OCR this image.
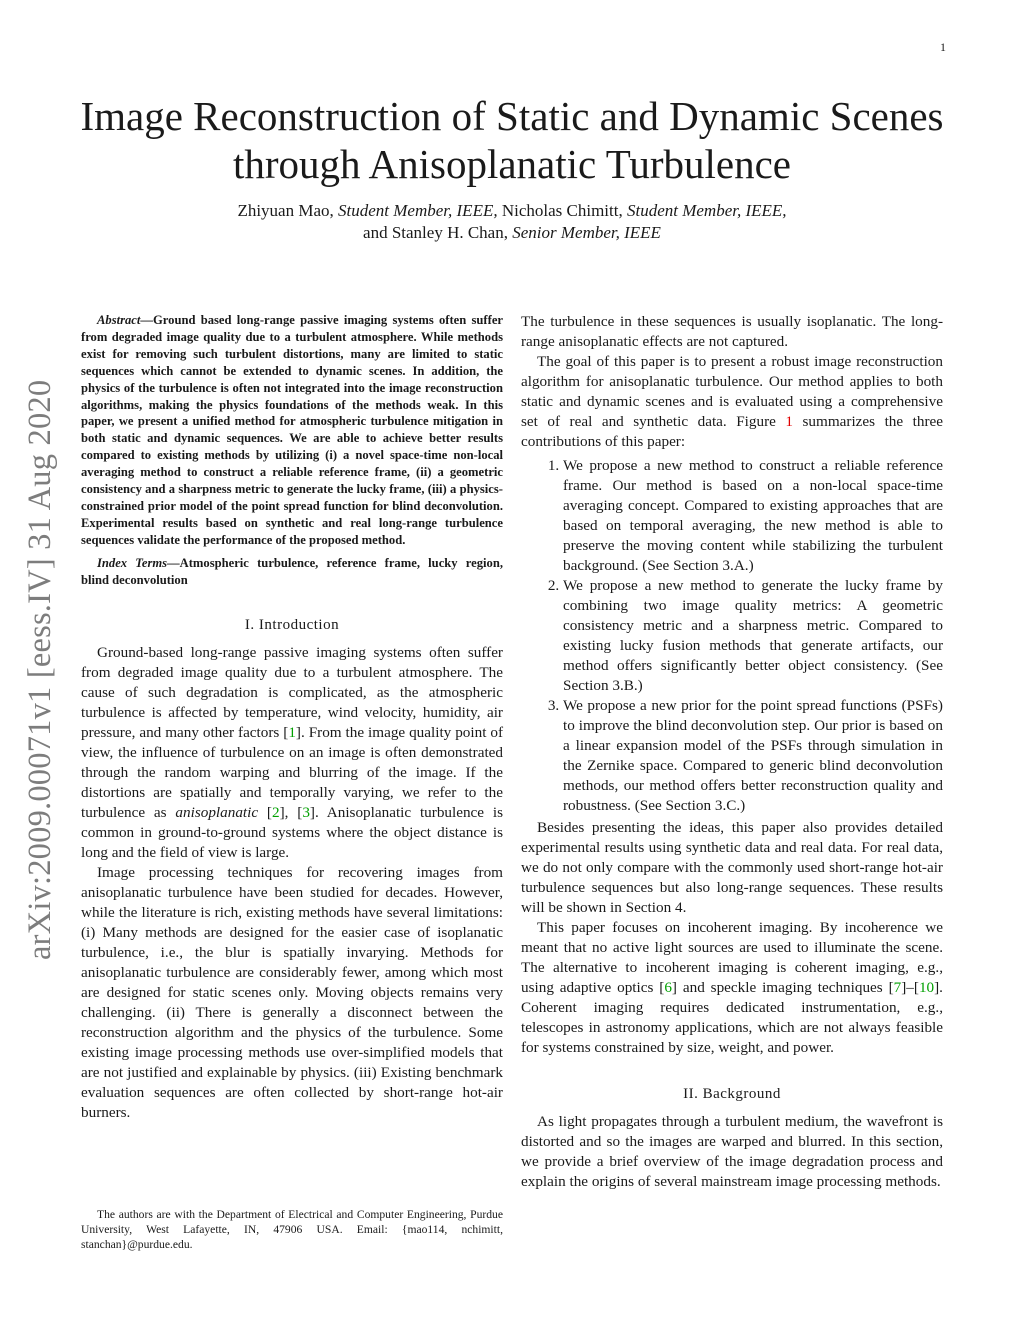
1
arXiv:2009.00071v1 [eess.IV] 31 Aug 2020
Image Reconstruction of Static and Dynamic Scenes through Anisoplanatic Turbulence
Zhiyuan Mao, Student Member, IEEE, Nicholas Chimitt, Student Member, IEEE,
and Stanley H. Chan, Senior Member, IEEE

Abstract—Ground based long-range passive imaging systems often suffer from degraded image quality due to a turbulent atmosphere. While methods exist for removing such turbulent distortions, many are limited to static sequences which cannot be extended to dynamic scenes. In addition, the physics of the turbulence is often not integrated into the image reconstruction algorithms, making the physics foundations of the methods weak. In this paper, we present a unified method for atmospheric turbulence mitigation in both static and dynamic sequences. We are able to achieve better results compared to existing methods by utilizing (i) a novel space-time non-local averaging method to construct a reliable reference frame, (ii) a geometric consistency and a sharpness metric to generate the lucky frame, (iii) a physics-constrained prior model of the point spread function for blind deconvolution. Experimental results based on synthetic and real long-range turbulence sequences validate the performance of the proposed method.

Index Terms—Atmospheric turbulence, reference frame, lucky region, blind deconvolution

I. Introduction

Ground-based long-range passive imaging systems often suffer from degraded image quality due to a turbulent atmosphere. The cause of such degradation is complicated, as the atmospheric turbulence is affected by temperature, wind velocity, humidity, air pressure, and many other factors [1]. From the image quality point of view, the influence of turbulence on an image is often demonstrated through the random warping and blurring of the image. If the distortions are spatially and temporally varying, we refer to the turbulence as anisoplanatic [2], [3]. Anisoplanatic turbulence is common in ground-to-ground systems where the object distance is long and the field of view is large.

Image processing techniques for recovering images from anisoplanatic turbulence have been studied for decades. However, while the literature is rich, existing methods have several limitations: (i) Many methods are designed for the easier case of isoplanatic turbulence, i.e., the blur is spatially invarying. Methods for anisoplanatic turbulence are considerably fewer, among which most are designed for static scenes only. Moving objects remains very challenging. (ii) There is generally a disconnect between the reconstruction algorithm and the physics of the turbulence. Some existing image processing methods use over-simplified models that are not justified and explainable by physics. (iii) Existing benchmark evaluation sequences are often collected by short-range hot-air burners.

The authors are with the Department of Electrical and Computer Engineering, Purdue University, West Lafayette, IN, 47906 USA. Email: {mao114, nchimitt, stanchan}@purdue.edu.

The turbulence in these sequences is usually isoplanatic. The long-range anisoplanatic effects are not captured.

The goal of this paper is to present a robust image reconstruction algorithm for anisoplanatic turbulence. Our method applies to both static and dynamic scenes and is evaluated using a comprehensive set of real and synthetic data. Figure 1 summarizes the three contributions of this paper:

1. We propose a new method to construct a reliable reference frame. Our method is based on a non-local space-time averaging concept. Compared to existing approaches that are based on temporal averaging, the new method is able to preserve the moving content while stabilizing the turbulent background. (See Section 3.A.)
2. We propose a new method to generate the lucky frame by combining two image quality metrics: A geometric consistency metric and a sharpness metric. Compared to existing lucky fusion methods that generate artifacts, our method offers significantly better object consistency. (See Section 3.B.)
3. We propose a new prior for the point spread functions (PSFs) to improve the blind deconvolution step. Our prior is based on a linear expansion model of the PSFs through simulation in the Zernike space. Compared to generic blind deconvolution methods, our method offers better reconstruction quality and robustness. (See Section 3.C.)

Besides presenting the ideas, this paper also provides detailed experimental results using synthetic data and real data. For real data, we do not only compare with the commonly used short-range hot-air turbulence sequences but also long-range sequences. These results will be shown in Section 4.

This paper focuses on incoherent imaging. By incoherence we meant that no active light sources are used to illuminate the scene. The alternative to incoherent imaging is coherent imaging, e.g., using adaptive optics [6] and speckle imaging techniques [7]–[10]. Coherent imaging requires dedicated instrumentation, e.g., telescopes in astronomy applications, which are not always feasible for systems constrained by size, weight, and power.

II. Background

As light propagates through a turbulent medium, the wavefront is distorted and so the images are warped and blurred. In this section, we provide a brief overview of the image degradation process and explain the origins of several mainstream image processing methods.
